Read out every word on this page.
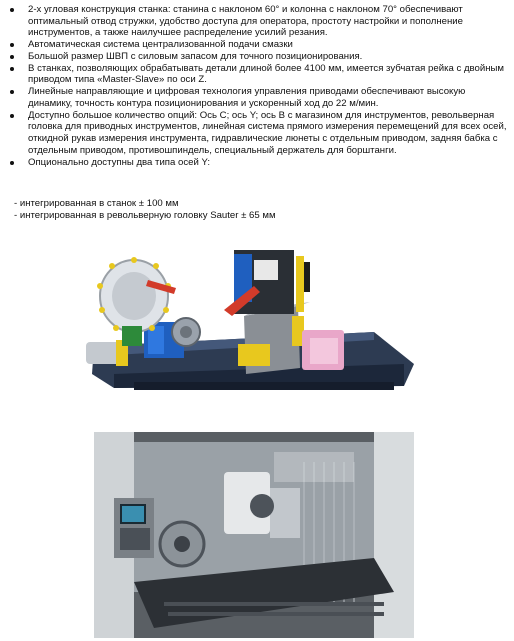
2-х угловая конструкция станка: станина с наклоном 60° и колонна с наклоном 70° обеспечивают оптимальный отвод стружки, удобство доступа для оператора, простоту настройки и пополнение инструментов, а также наилучшее распределение усилий резания.
Автоматическая система централизованной подачи смазки
Большой размер ШВП с силовым запасом для точного позиционирования.
В станках, позволяющих обрабатывать детали длиной более 4100 мм, имеется зубчатая рейка с двойным приводом типа «Master-Slave» по оси Z.
Линейные направляющие и цифровая технология управления приводами обеспечивают высокую динамику, точность контура позиционирования и ускоренный ход до 22 м/мин.
Доступно большое количество опций: Ось С; ось Y; ось В с магазином для инструментов, револьверная головка для приводных инструментов, линейная система прямого измерения перемещений для всех осей, откидной рукав измерения инструмента, гидравлические люнеты с отдельным приводом, задняя бабка с отдельным приводом, противошпиндель, специальный держатель для борштанги.
Опционально доступны два типа осей Y:
- интегрированная в станок ± 100 мм
- интегрированная в револьверную головку Sauter ± 65 мм
